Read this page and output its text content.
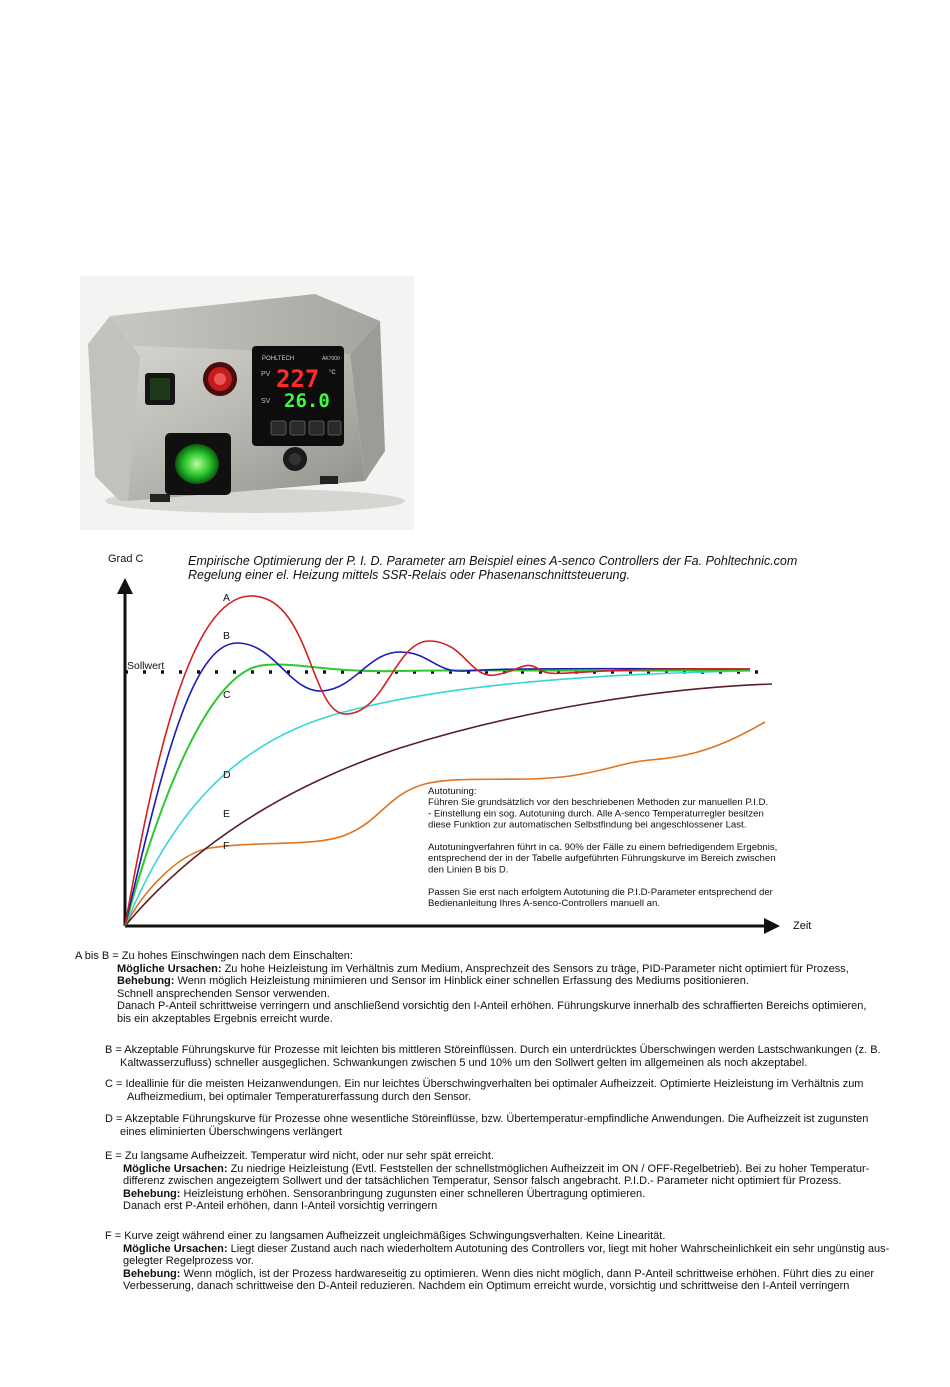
POHLTECH	AK7000
PV 227 °C
SV 26.0
Grad C	Empirische Optimierung der P. I. D. Parameter am Beispiel eines A-senco Controllers der Fa. Pohltechnic.com
Regelung einer el. Heizung mittels SSR-Relais oder Phasenanschnittsteuerung.
Zeit
Sollwert
A
B
C
D
E
F
Autotuning:
Führen Sie grundsätzlich vor den beschriebenen Methoden zur manuellen P.I.D.
- Einstellung ein sog. Autotuning durch. Alle A-senco Temperaturregler besitzen
diese Funktion zur automatischen Selbstfindung bei angeschlossener Last.
Autotuningverfahren führt in ca. 90% der Fälle zu einem befriedigendem Ergebnis,
entsprechend der in der Tabelle aufgeführten Führungskurve im Bereich zwischen
den Linien B bis D.
Passen Sie erst nach erfolgtem Autotuning die P.I.D-Parameter entsprechend der
Bedienanleitung Ihres A-senco-Controllers manuell an.

A bis B = Zu hohes Einschwingen nach dem Einschalten:

Mögliche Ursachen: Zu hohe Heizleistung im Verhältnis zum Medium, Ansprechzeit des Sensors zu träge, PID-Parameter nicht optimiert für Prozess,

Behebung: Wenn möglich Heizleistung minimieren und Sensor im Hinblick einer schnellen Erfassung des Mediums positionieren.

Schnell ansprechenden Sensor verwenden.

Danach P-Anteil schrittweise verringern und anschließend vorsichtig den I-Anteil erhöhen. Führungskurve innerhalb des schraffierten Bereichs optimieren,

bis ein akzeptables Ergebnis erreicht wurde.

B = Akzeptable Führungskurve für Prozesse mit leichten bis mittleren Störeinflüssen. Durch ein unterdrücktes Überschwingen werden Lastschwankungen (z. B.

Kaltwasserzufluss) schneller ausgeglichen. Schwankungen zwischen 5 und 10% um den Sollwert gelten im allgemeinen als noch akzeptabel.

C = Ideallinie für die meisten Heizanwendungen. Ein nur leichtes Überschwingverhalten bei optimaler Aufheizzeit. Optimierte Heizleistung im Verhältnis zum

Aufheizmedium, bei optimaler Temperaturerfassung durch den Sensor.

D = Akzeptable Führungskurve für Prozesse ohne wesentliche Störeinflüsse, bzw. Übertemperatur-empfindliche Anwendungen. Die Aufheizzeit ist zugunsten

eines eliminierten Überschwingens verlängert

E = Zu langsame Aufheizzeit. Temperatur wird nicht, oder nur sehr spät erreicht.

Mögliche Ursachen: Zu niedrige Heizleistung (Evtl. Feststellen der schnellstmöglichen Aufheizzeit im ON / OFF-Regelbetrieb). Bei zu hoher Temperatur-

differenz zwischen angezeigtem Sollwert und der tatsächlichen Temperatur, Sensor falsch angebracht. P.I.D.- Parameter nicht optimiert für Prozess.

Behebung: Heizleistung erhöhen. Sensoranbringung zugunsten einer schnelleren Übertragung optimieren.

Danach erst P-Anteil erhöhen, dann I-Anteil vorsichtig verringern

F = Kurve zeigt während einer zu langsamen Aufheizzeit ungleichmäßiges Schwingungsverhalten. Keine Linearität.

Mögliche Ursachen: Liegt dieser Zustand auch nach wiederholtem Autotuning des Controllers vor, liegt mit hoher Wahrscheinlichkeit ein sehr ungünstig aus-

gelegter Regelprozess vor.

Behebung: Wenn möglich, ist der Prozess hardwareseitig zu optimieren. Wenn dies nicht möglich, dann P-Anteil schrittweise erhöhen. Führt dies zu einer

Verbesserung, danach schrittweise den D-Anteil reduzieren. Nachdem ein Optimum erreicht wurde, vorsichtig und schrittweise den I-Anteil verringern
